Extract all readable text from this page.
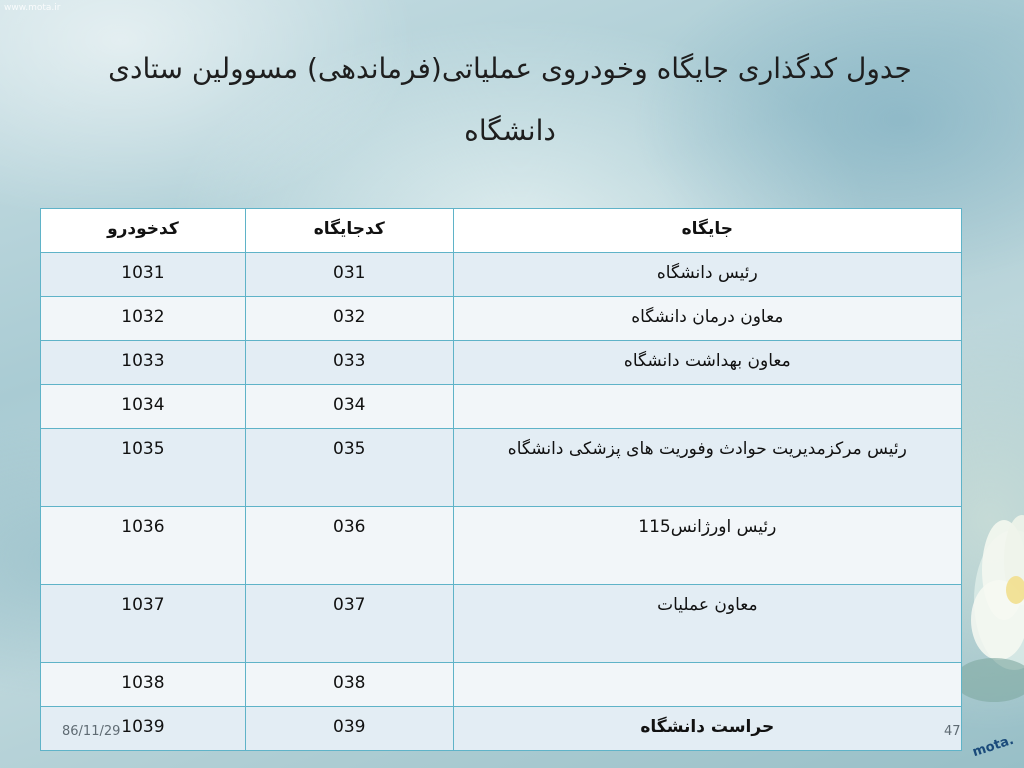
www.mota.ir
mota.
جدول کدگذاری جایگاه وخودروی عملیاتی(فرماندهی) مسوولین ستادی
دانشگاه
جایگاه	کدجایگاه	کدخودرو
رئیس دانشگاه	031	1031
معاون درمان دانشگاه	032	1032
معاون بهداشت دانشگاه	033	1033
	034	1034
رئیس مرکزمدیریت حوادث وفوریت های پزشکی دانشگاه	035	1035
رئیس اورژانس115	036	1036
معاون عملیات	037	1037
	038	1038
حراست دانشگاه	039	1039
86/11/29	47
